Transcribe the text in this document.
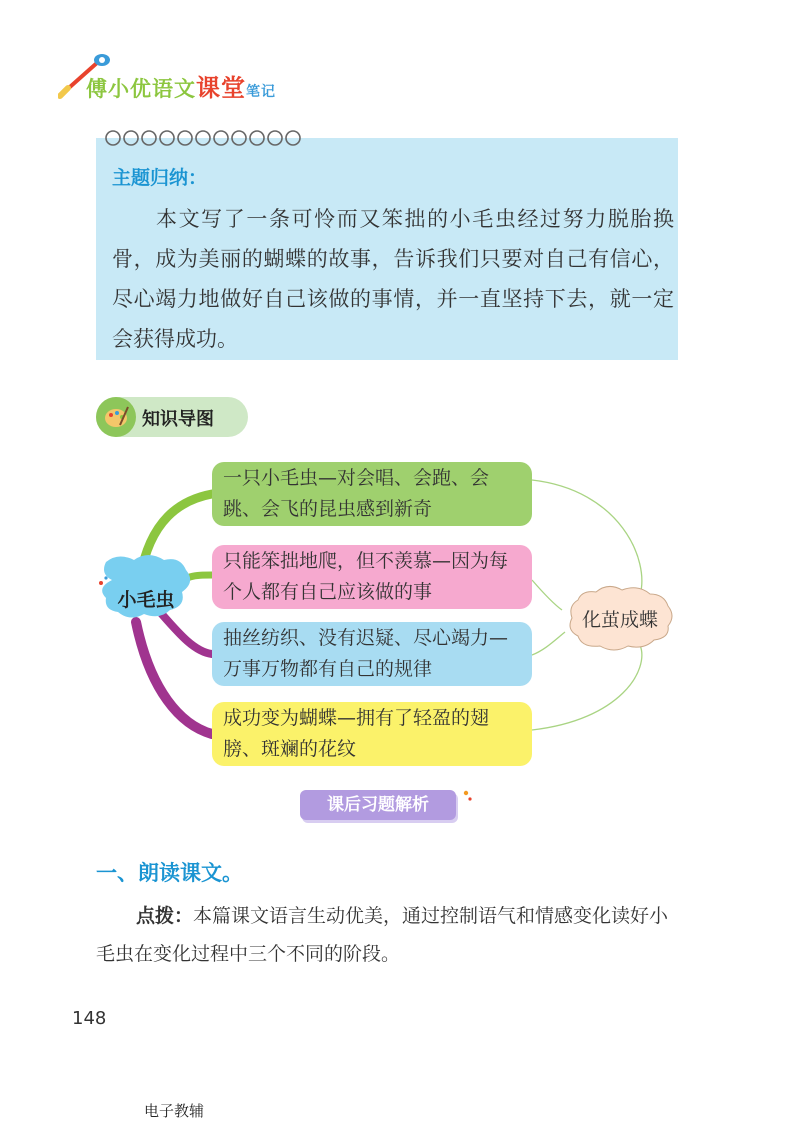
傅小优语文课堂笔记
主题归纳：
本文写了一条可怜而又笨拙的小毛虫经过努力脱胎换骨，成为美丽的蝴蝶的故事，告诉我们只要对自己有信心，尽心竭力地做好自己该做的事情，并一直坚持下去，就一定会获得成功。
知识导图
小毛虫
化茧成蝶
一只小毛虫—对会唱、会跑、会跳、会飞的昆虫感到新奇
只能笨拙地爬，但不羡慕—因为每个人都有自己应该做的事
抽丝纺织、没有迟疑、尽心竭力—万事万物都有自己的规律
成功变为蝴蝶—拥有了轻盈的翅膀、斑斓的花纹
课后习题解析
一、朗读课文。
点拨：本篇课文语言生动优美，通过控制语气和情感变化读好小毛虫在变化过程中三个不同的阶段。
148
电子教辅
